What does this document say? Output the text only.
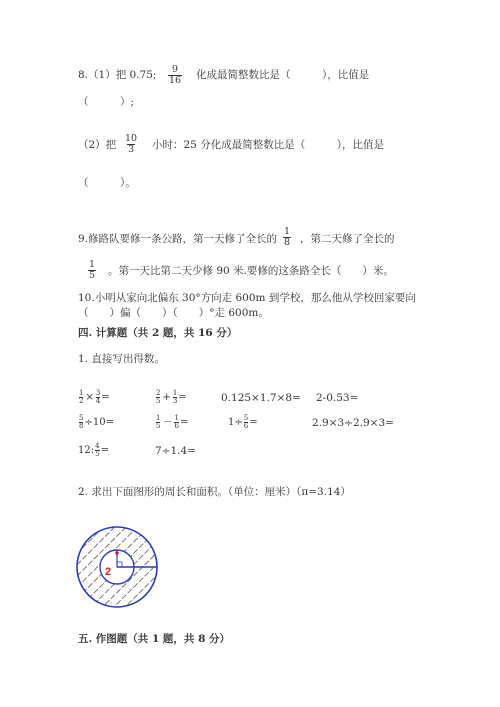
8.（1）把 0.75; $\frac{9}{16}$ 化成最简整数比是（　　　），比值是
（　　　）;
（2）把 $\frac{10}{3}$ 小时：25 分化成最简整数比是（　　　），比值是
（　　　）。
9.修路队要修一条公路，第一天修了全长的 $\frac{1}{8}$ ，第二天修了全长的
$\frac{1}{5}$ 。第一天比第二天少修 90 米.要修的这条路全长（　　）米。
10.小明从家向北偏东 30°方向走 600m 到学校，那么他从学校回家要向
（　　）偏（　　）（　　）°走 600m。
四. 计算题（共 2 题，共 16 分）
1. 直接写出得数。
$\frac{1}{2} \times \frac{3}{4}$ =	$\frac{2}{5} + \frac{1}{3}$ =	0.125×1.7×8= 2-0.53=
$\frac{5}{8} \div 10=$	$\frac{1}{5} - \frac{1}{6}$ =	$1\div \frac{5}{6}$ =	2.9×3÷2.9×3=
12: $\frac{4}{5}$ =	7÷1.4=
2. 求出下面图形的周长和面积。（单位：厘米）（π=3.14）
2
五. 作图题（共 1 题，共 8 分）
